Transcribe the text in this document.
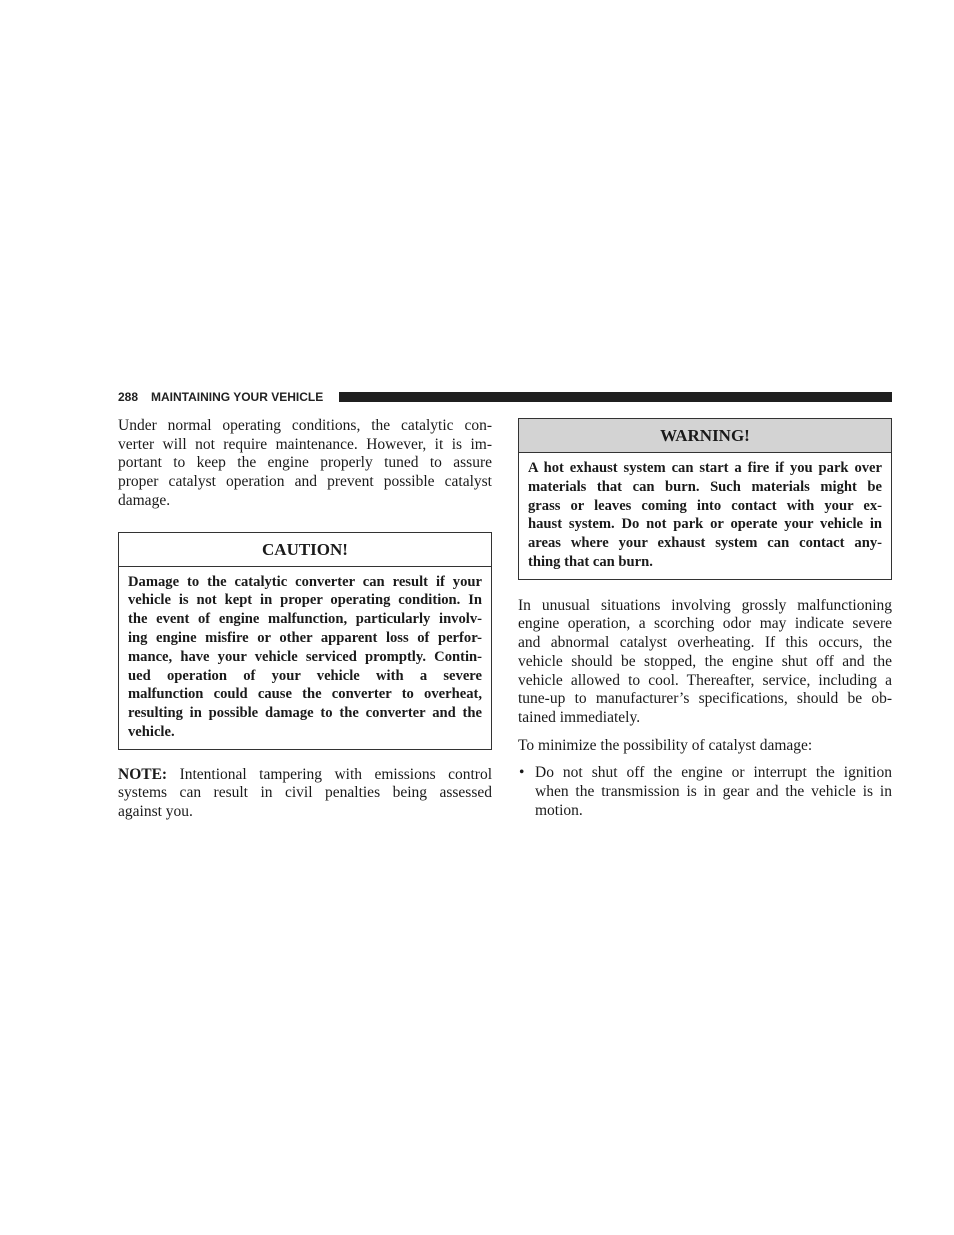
288 MAINTAINING YOUR VEHICLE

Under normal operating conditions, the catalytic con-
verter will not require maintenance. However, it is im-
portant to keep the engine properly tuned to assure
proper catalyst operation and prevent possible catalyst
damage.

CAUTION!

Damage to the catalytic converter can result if your
vehicle is not kept in proper operating condition. In
the event of engine malfunction, particularly involv-
ing engine misfire or other apparent loss of perfor-
mance, have your vehicle serviced promptly. Contin-
ued operation of your vehicle with a severe
malfunction could cause the converter to overheat,
resulting in possible damage to the converter and the
vehicle.

NOTE: Intentional tampering with emissions control
systems can result in civil penalties being assessed
against you.

WARNING!

A hot exhaust system can start a fire if you park over
materials that can burn. Such materials might be
grass or leaves coming into contact with your ex-
haust system. Do not park or operate your vehicle in
areas where your exhaust system can contact any-
thing that can burn.

In unusual situations involving grossly malfunctioning
engine operation, a scorching odor may indicate severe
and abnormal catalyst overheating. If this occurs, the
vehicle should be stopped, the engine shut off and the
vehicle allowed to cool. Thereafter, service, including a
tune-up to manufacturer’s specifications, should be ob-
tained immediately.

To minimize the possibility of catalyst damage:

• Do not shut off the engine or interrupt the ignition
when the transmission is in gear and the vehicle is in
motion.
